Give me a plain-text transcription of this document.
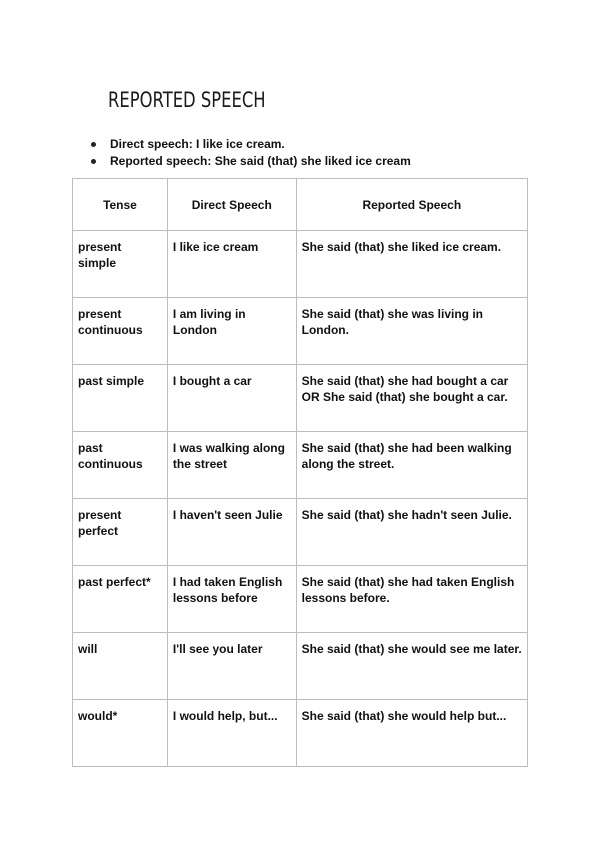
REPORTED SPEECH
Direct speech: I like ice cream.
Reported speech: She said (that) she liked ice cream
Tense	Direct Speech	Reported Speech
present simple	I like ice cream	She said (that) she liked ice cream.
present continuous	I am living in London	She said (that) she was living in London.
past simple	I bought a car	She said (that) she had bought a car OR She said (that) she bought a car.
past continuous	I was walking along the street	She said (that) she had been walking along the street.
present perfect	I haven't seen Julie	She said (that) she hadn't seen Julie.
past perfect*	I had taken English lessons before	She said (that) she had taken English lessons before.
will	I'll see you later	She said (that) she would see me later.
would*	I would help, but...	She said (that) she would help but...
